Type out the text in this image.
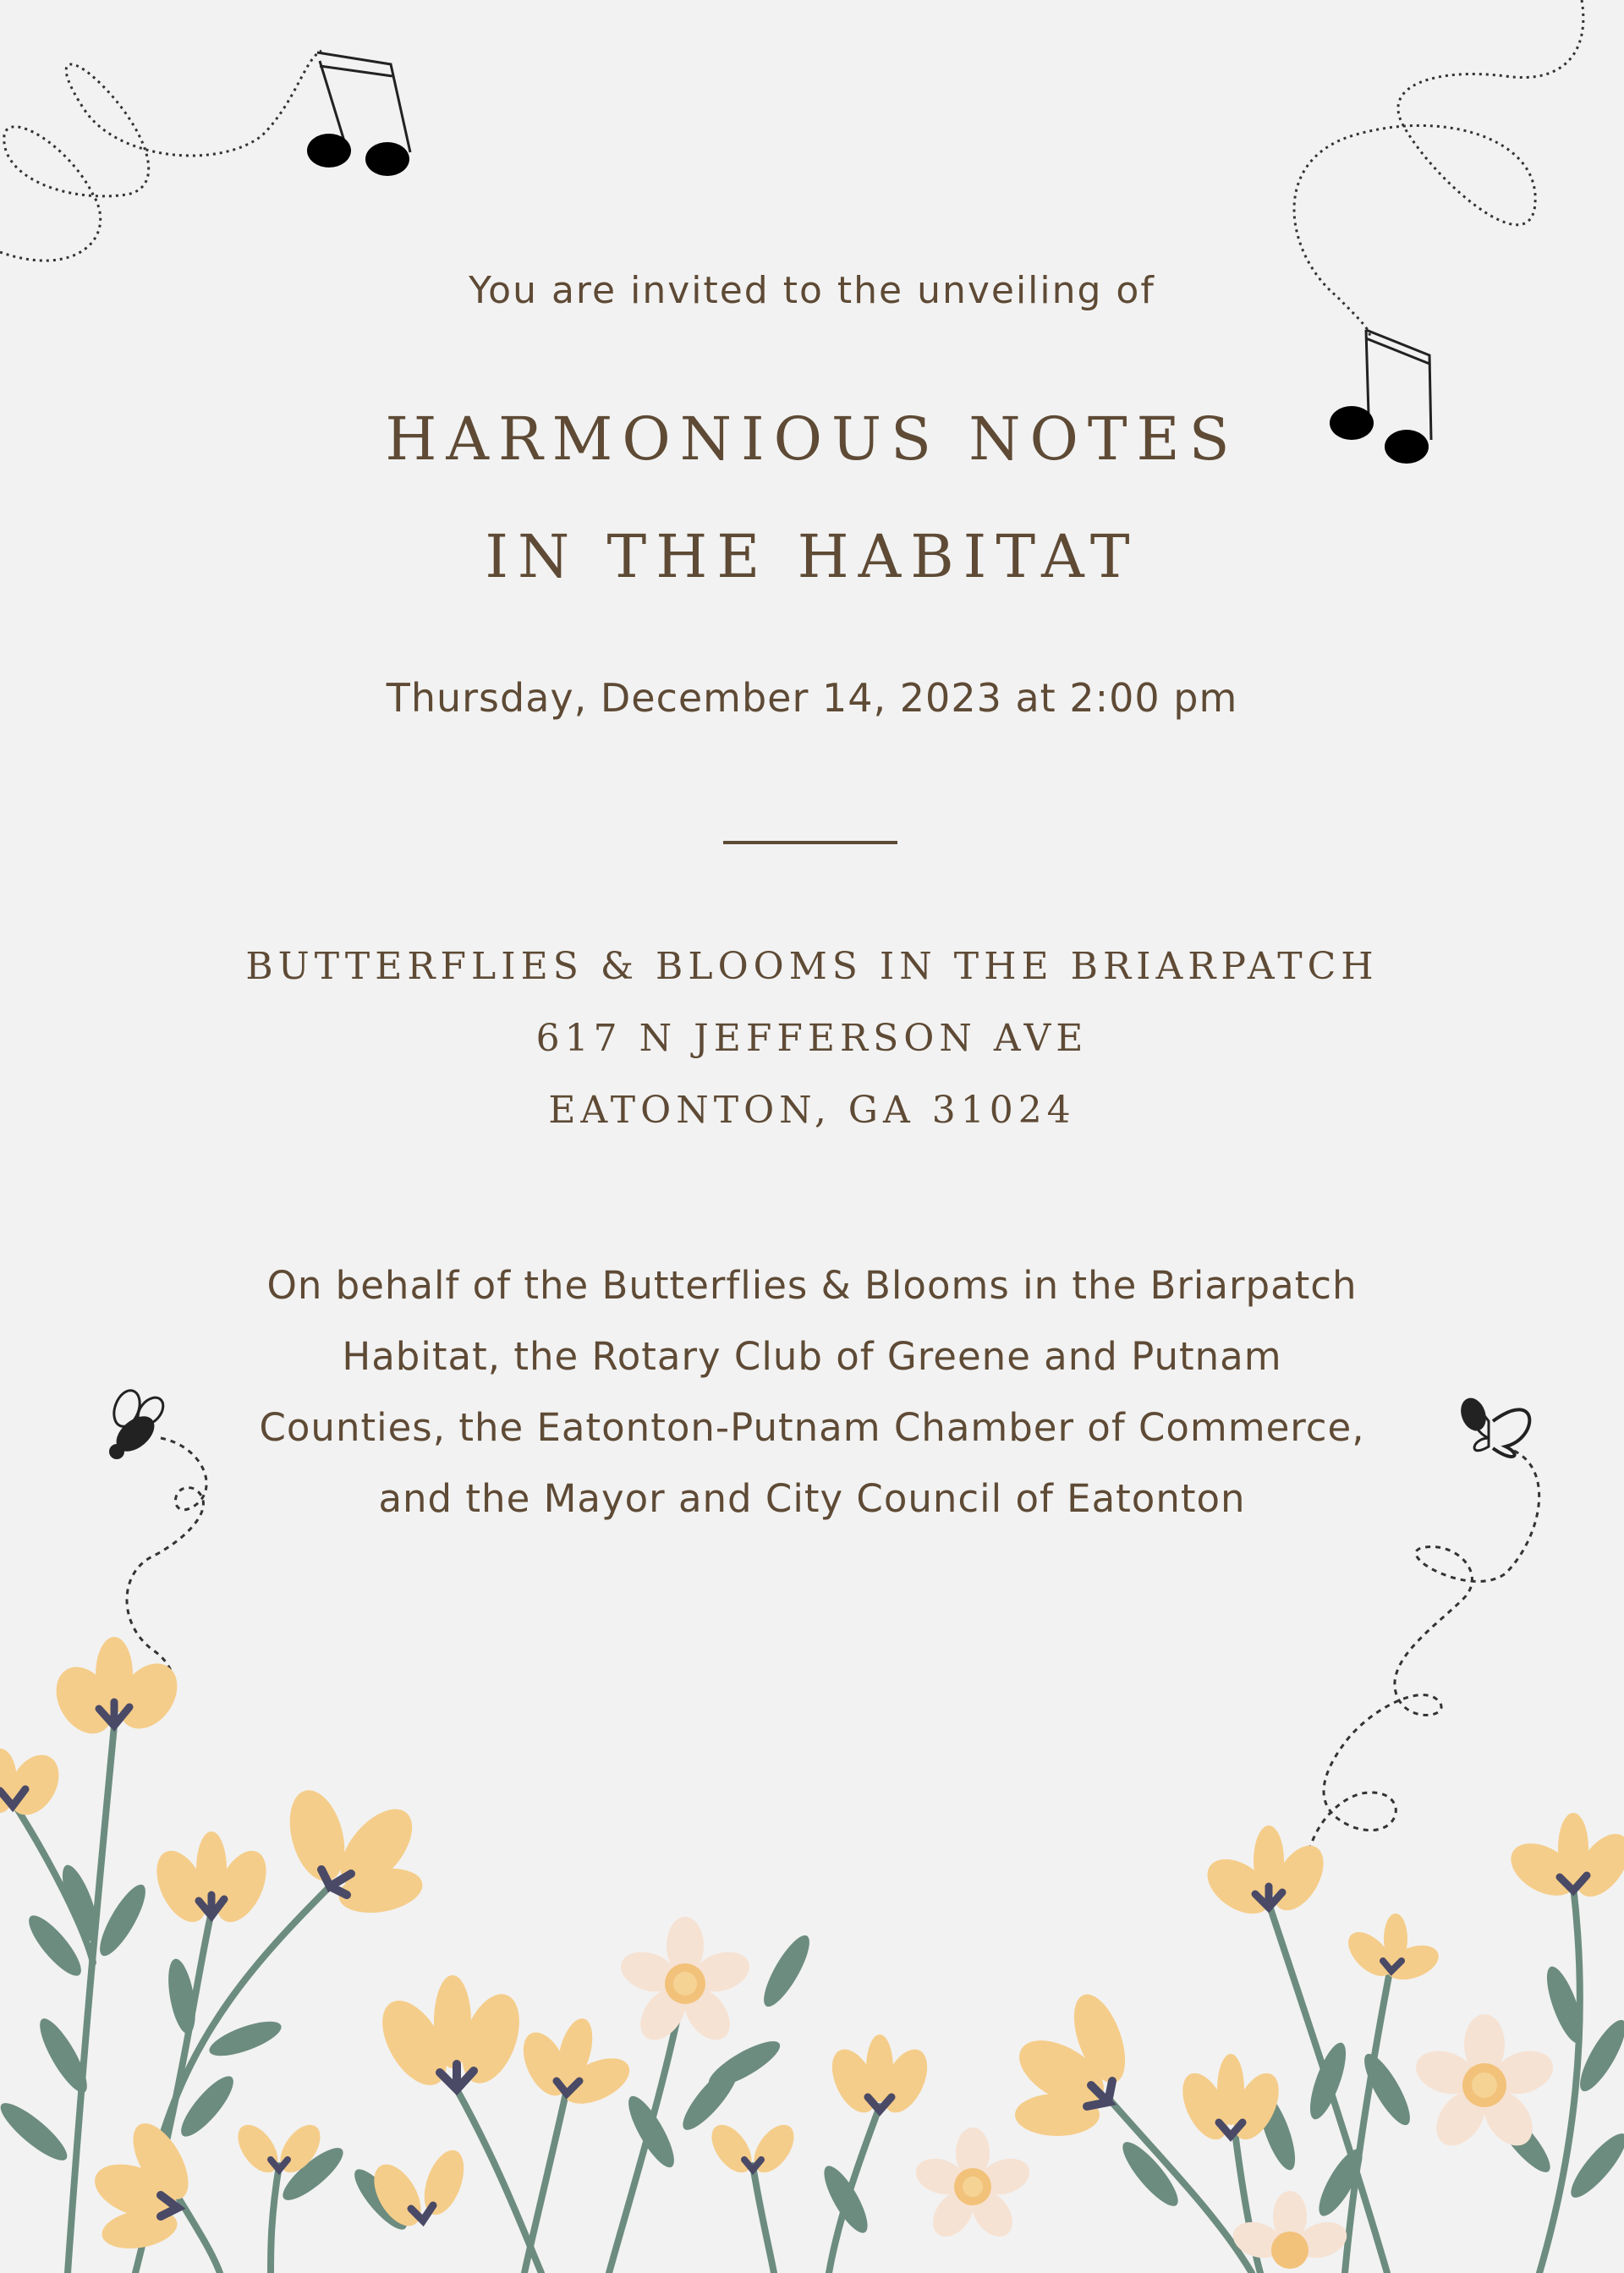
You are invited to the unveiling of
HARMONIOUS NOTES
IN THE HABITAT
Thursday, December 14, 2023 at 2:00 pm
BUTTERFLIES & BLOOMS IN THE BRIARPATCH
617 N JEFFERSON AVE
EATONTON, GA 31024
On behalf of the Butterflies & Blooms in the Briarpatch
Habitat, the Rotary Club of Greene and Putnam
Counties, the Eatonton-Putnam Chamber of Commerce,
and the Mayor and City Council of Eatonton
